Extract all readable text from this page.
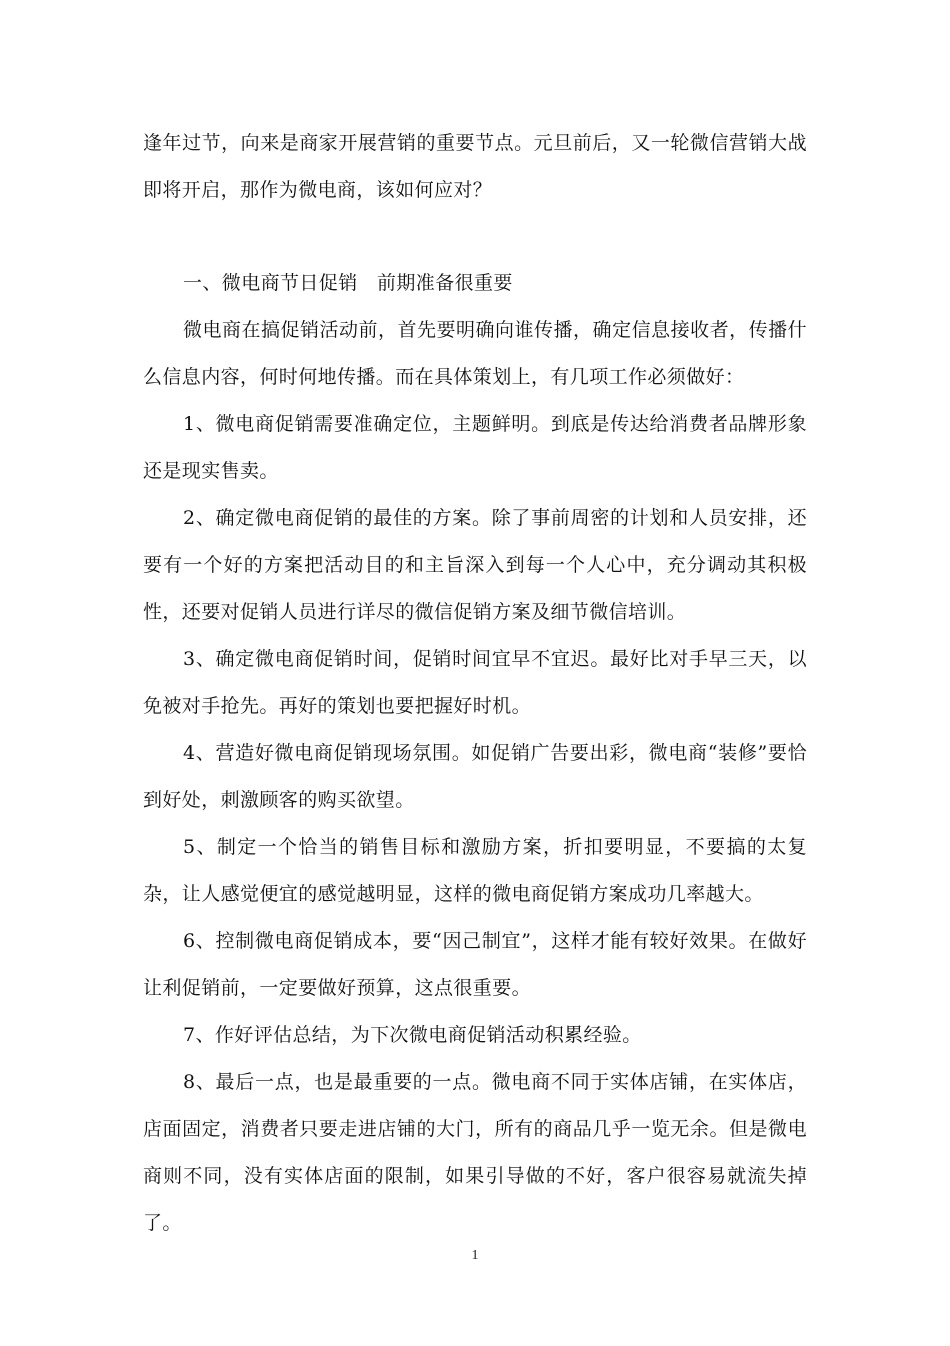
逢年过节，向来是商家开展营销的重要节点。元旦前后，又一轮微信营销大战即将开启，那作为微电商，该如何应对？

一、微电商节日促销　前期准备很重要

微电商在搞促销活动前，首先要明确向谁传播，确定信息接收者，传播什么信息内容，何时何地传播。而在具体策划上，有几项工作必须做好：

1、微电商促销需要准确定位，主题鲜明。到底是传达给消费者品牌形象还是现实售卖。

2、确定微电商促销的最佳的方案。除了事前周密的计划和人员安排，还要有一个好的方案把活动目的和主旨深入到每一个人心中，充分调动其积极性，还要对促销人员进行详尽的微信促销方案及细节微信培训。

3、确定微电商促销时间，促销时间宜早不宜迟。最好比对手早三天，以免被对手抢先。再好的策划也要把握好时机。

4、营造好微电商促销现场氛围。如促销广告要出彩，微电商“装修”要恰到好处，刺激顾客的购买欲望。

5、制定一个恰当的销售目标和激励方案，折扣要明显，不要搞的太复杂，让人感觉便宜的感觉越明显，这样的微电商促销方案成功几率越大。

6、控制微电商促销成本，要“因己制宜”，这样才能有较好效果。在做好让利促销前，一定要做好预算，这点很重要。

7、作好评估总结，为下次微电商促销活动积累经验。

8、最后一点，也是最重要的一点。微电商不同于实体店铺，在实体店，店面固定，消费者只要走进店铺的大门，所有的商品几乎一览无余。但是微电商则不同，没有实体店面的限制，如果引导做的不好，客户很容易就流失掉了。

1
